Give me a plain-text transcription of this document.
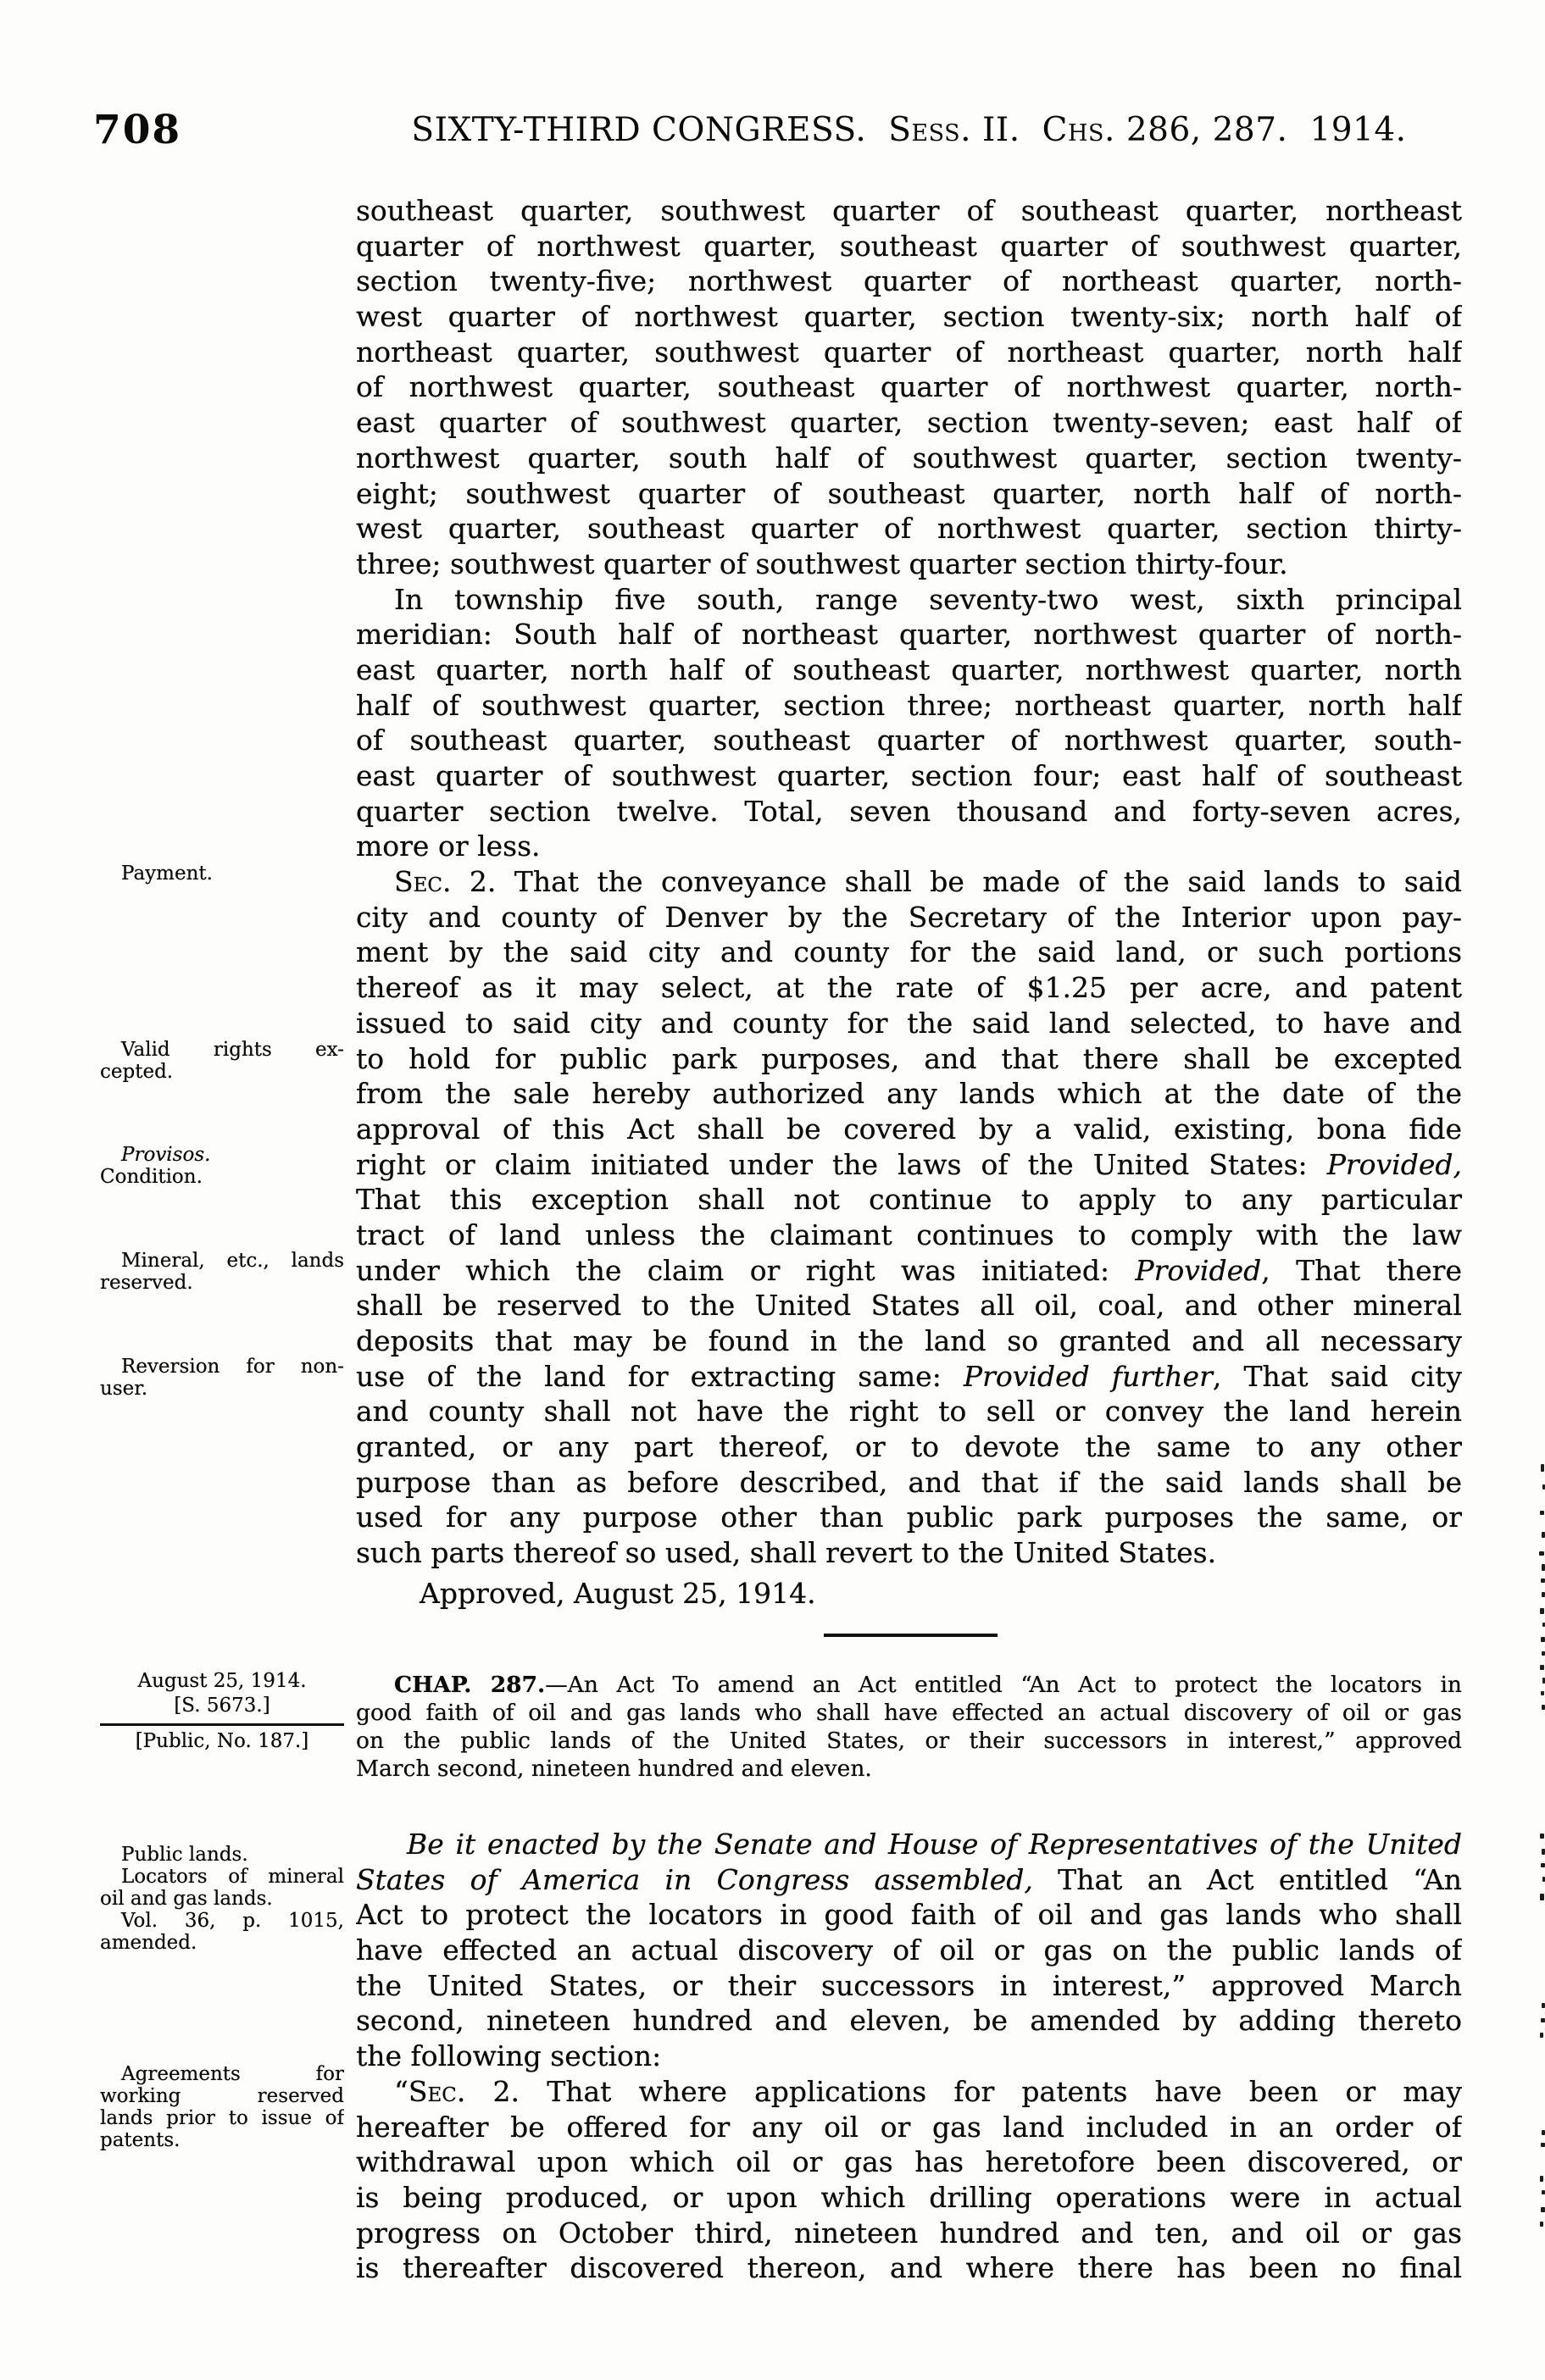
708	SIXTY-THIRD CONGRESS. Sess. II. Chs. 286, 287. 1914.
southeast quarter, southwest quarter of southeast quarter, northeast
quarter of northwest quarter, southeast quarter of southwest quarter,
section twenty-five; northwest quarter of northeast quarter, north-
west quarter of northwest quarter, section twenty-six; north half of
northeast quarter, southwest quarter of northeast quarter, north half
of northwest quarter, southeast quarter of northwest quarter, north-
east quarter of southwest quarter, section twenty-seven; east half of
northwest quarter, south half of southwest quarter, section twenty-
eight; southwest quarter of southeast quarter, north half of north-
west quarter, southeast quarter of northwest quarter, section thirty-
three; southwest quarter of southwest quarter section thirty-four.
In township five south, range seventy-two west, sixth principal
meridian: South half of northeast quarter, northwest quarter of north-
east quarter, north half of southeast quarter, northwest quarter, north
half of southwest quarter, section three; northeast quarter, north half
of southeast quarter, southeast quarter of northwest quarter, south-
east quarter of southwest quarter, section four; east half of southeast
quarter section twelve. Total, seven thousand and forty-seven acres,
more or less.
Sec. 2. That the conveyance shall be made of the said lands to said
city and county of Denver by the Secretary of the Interior upon pay-
ment by the said city and county for the said land, or such portions
thereof as it may select, at the rate of $1.25 per acre, and patent
issued to said city and county for the said land selected, to have and
to hold for public park purposes, and that there shall be excepted
from the sale hereby authorized any lands which at the date of the
approval of this Act shall be covered by a valid, existing, bona fide
right or claim initiated under the laws of the United States: Provided,
That this exception shall not continue to apply to any particular
tract of land unless the claimant continues to comply with the law
under which the claim or right was initiated: Provided, That there
shall be reserved to the United States all oil, coal, and other mineral
deposits that may be found in the land so granted and all necessary
use of the land for extracting same: Provided further, That said city
and county shall not have the right to sell or convey the land herein
granted, or any part thereof, or to devote the same to any other
purpose than as before described, and that if the said lands shall be
used for any purpose other than public park purposes the same, or
such parts thereof so used, shall revert to the United States.
Approved, August 25, 1914.
CHAP. 287.—An Act To amend an Act entitled “An Act to protect the locators in
good faith of oil and gas lands who shall have effected an actual discovery of oil or gas
on the public lands of the United States, or their successors in interest,” approved
March second, nineteen hundred and eleven.
Be it enacted by the Senate and House of Representatives of the United
States of America in Congress assembled, That an Act entitled “An
Act to protect the locators in good faith of oil and gas lands who shall
have effected an actual discovery of oil or gas on the public lands of
the United States, or their successors in interest,” approved March
second, nineteen hundred and eleven, be amended by adding thereto
the following section:
“Sec. 2. That where applications for patents have been or may
hereafter be offered for any oil or gas land included in an order of
withdrawal upon which oil or gas has heretofore been discovered, or
is being produced, or upon which drilling operations were in actual
progress on October third, nineteen hundred and ten, and oil or gas
is thereafter discovered thereon, and where there has been no final
Payment.
Valid rights ex-
cepted.
Provisos.
Condition.
Mineral, etc., lands
reserved.
Reversion for non-
user.
August 25, 1914.
[S. 5673.]
[Public, No. 187.]
Public lands.
Locators of mineral
oil and gas lands.
Vol. 36, p. 1015,
amended.
Agreements for
working reserved
lands prior to issue of
patents.
